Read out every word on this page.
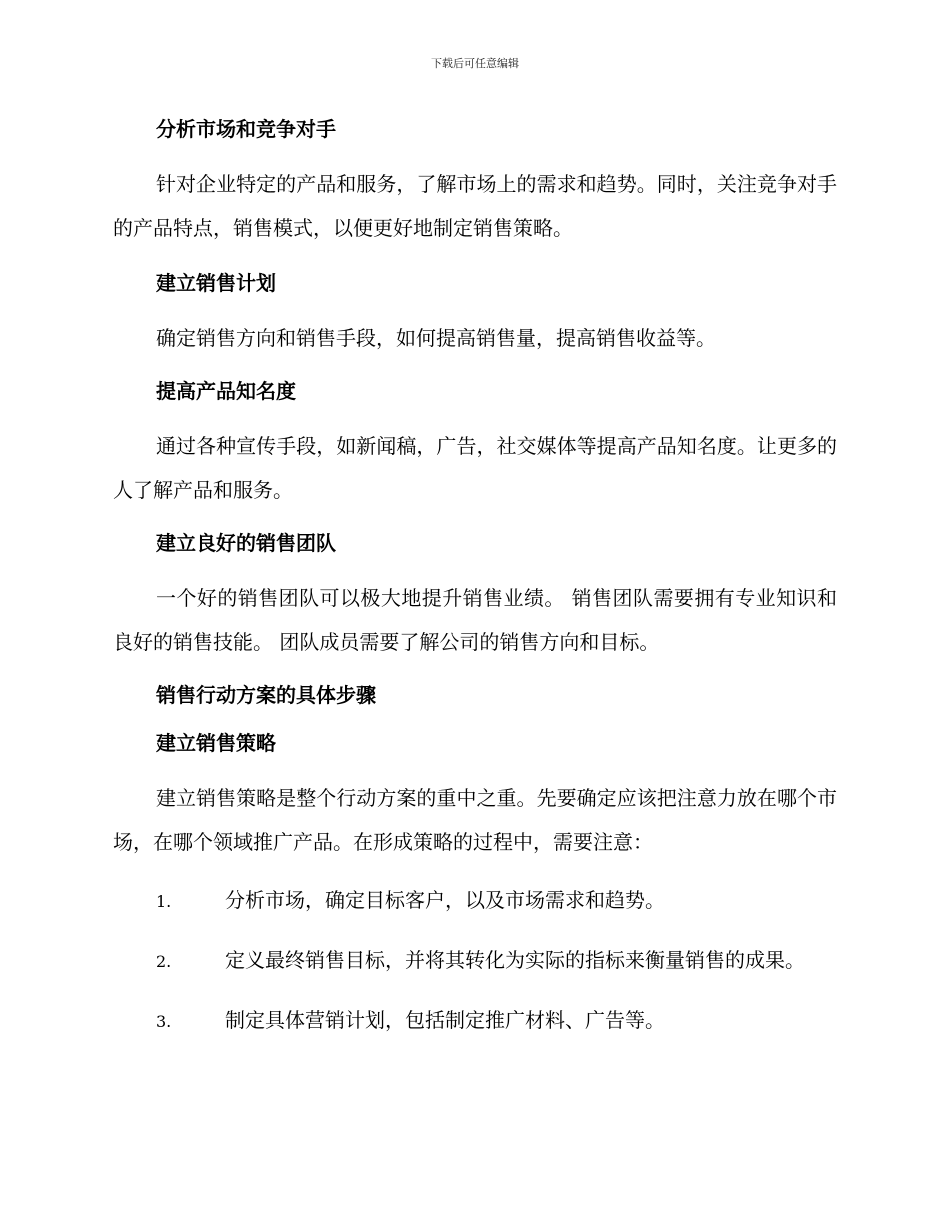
下载后可任意编辑

分析市场和竞争对手

针对企业特定的产品和服务，了解市场上的需求和趋势。同时，关注竞争对手的产品特点，销售模式，以便更好地制定销售策略。

建立销售计划

确定销售方向和销售手段，如何提高销售量，提高销售收益等。

提高产品知名度

通过各种宣传手段，如新闻稿，广告，社交媒体等提高产品知名度。让更多的人了解产品和服务。

建立良好的销售团队

一个好的销售团队可以极大地提升销售业绩。 销售团队需要拥有专业知识和良好的销售技能。 团队成员需要了解公司的销售方向和目标。

销售行动方案的具体步骤

建立销售策略

建立销售策略是整个行动方案的重中之重。先要确定应该把注意力放在哪个市场，在哪个领域推广产品。在形成策略的过程中，需要注意：

1.	分析市场，确定目标客户，以及市场需求和趋势。

2.	定义最终销售目标，并将其转化为实际的指标来衡量销售的成果。

3.	制定具体营销计划，包括制定推广材料、广告等。
